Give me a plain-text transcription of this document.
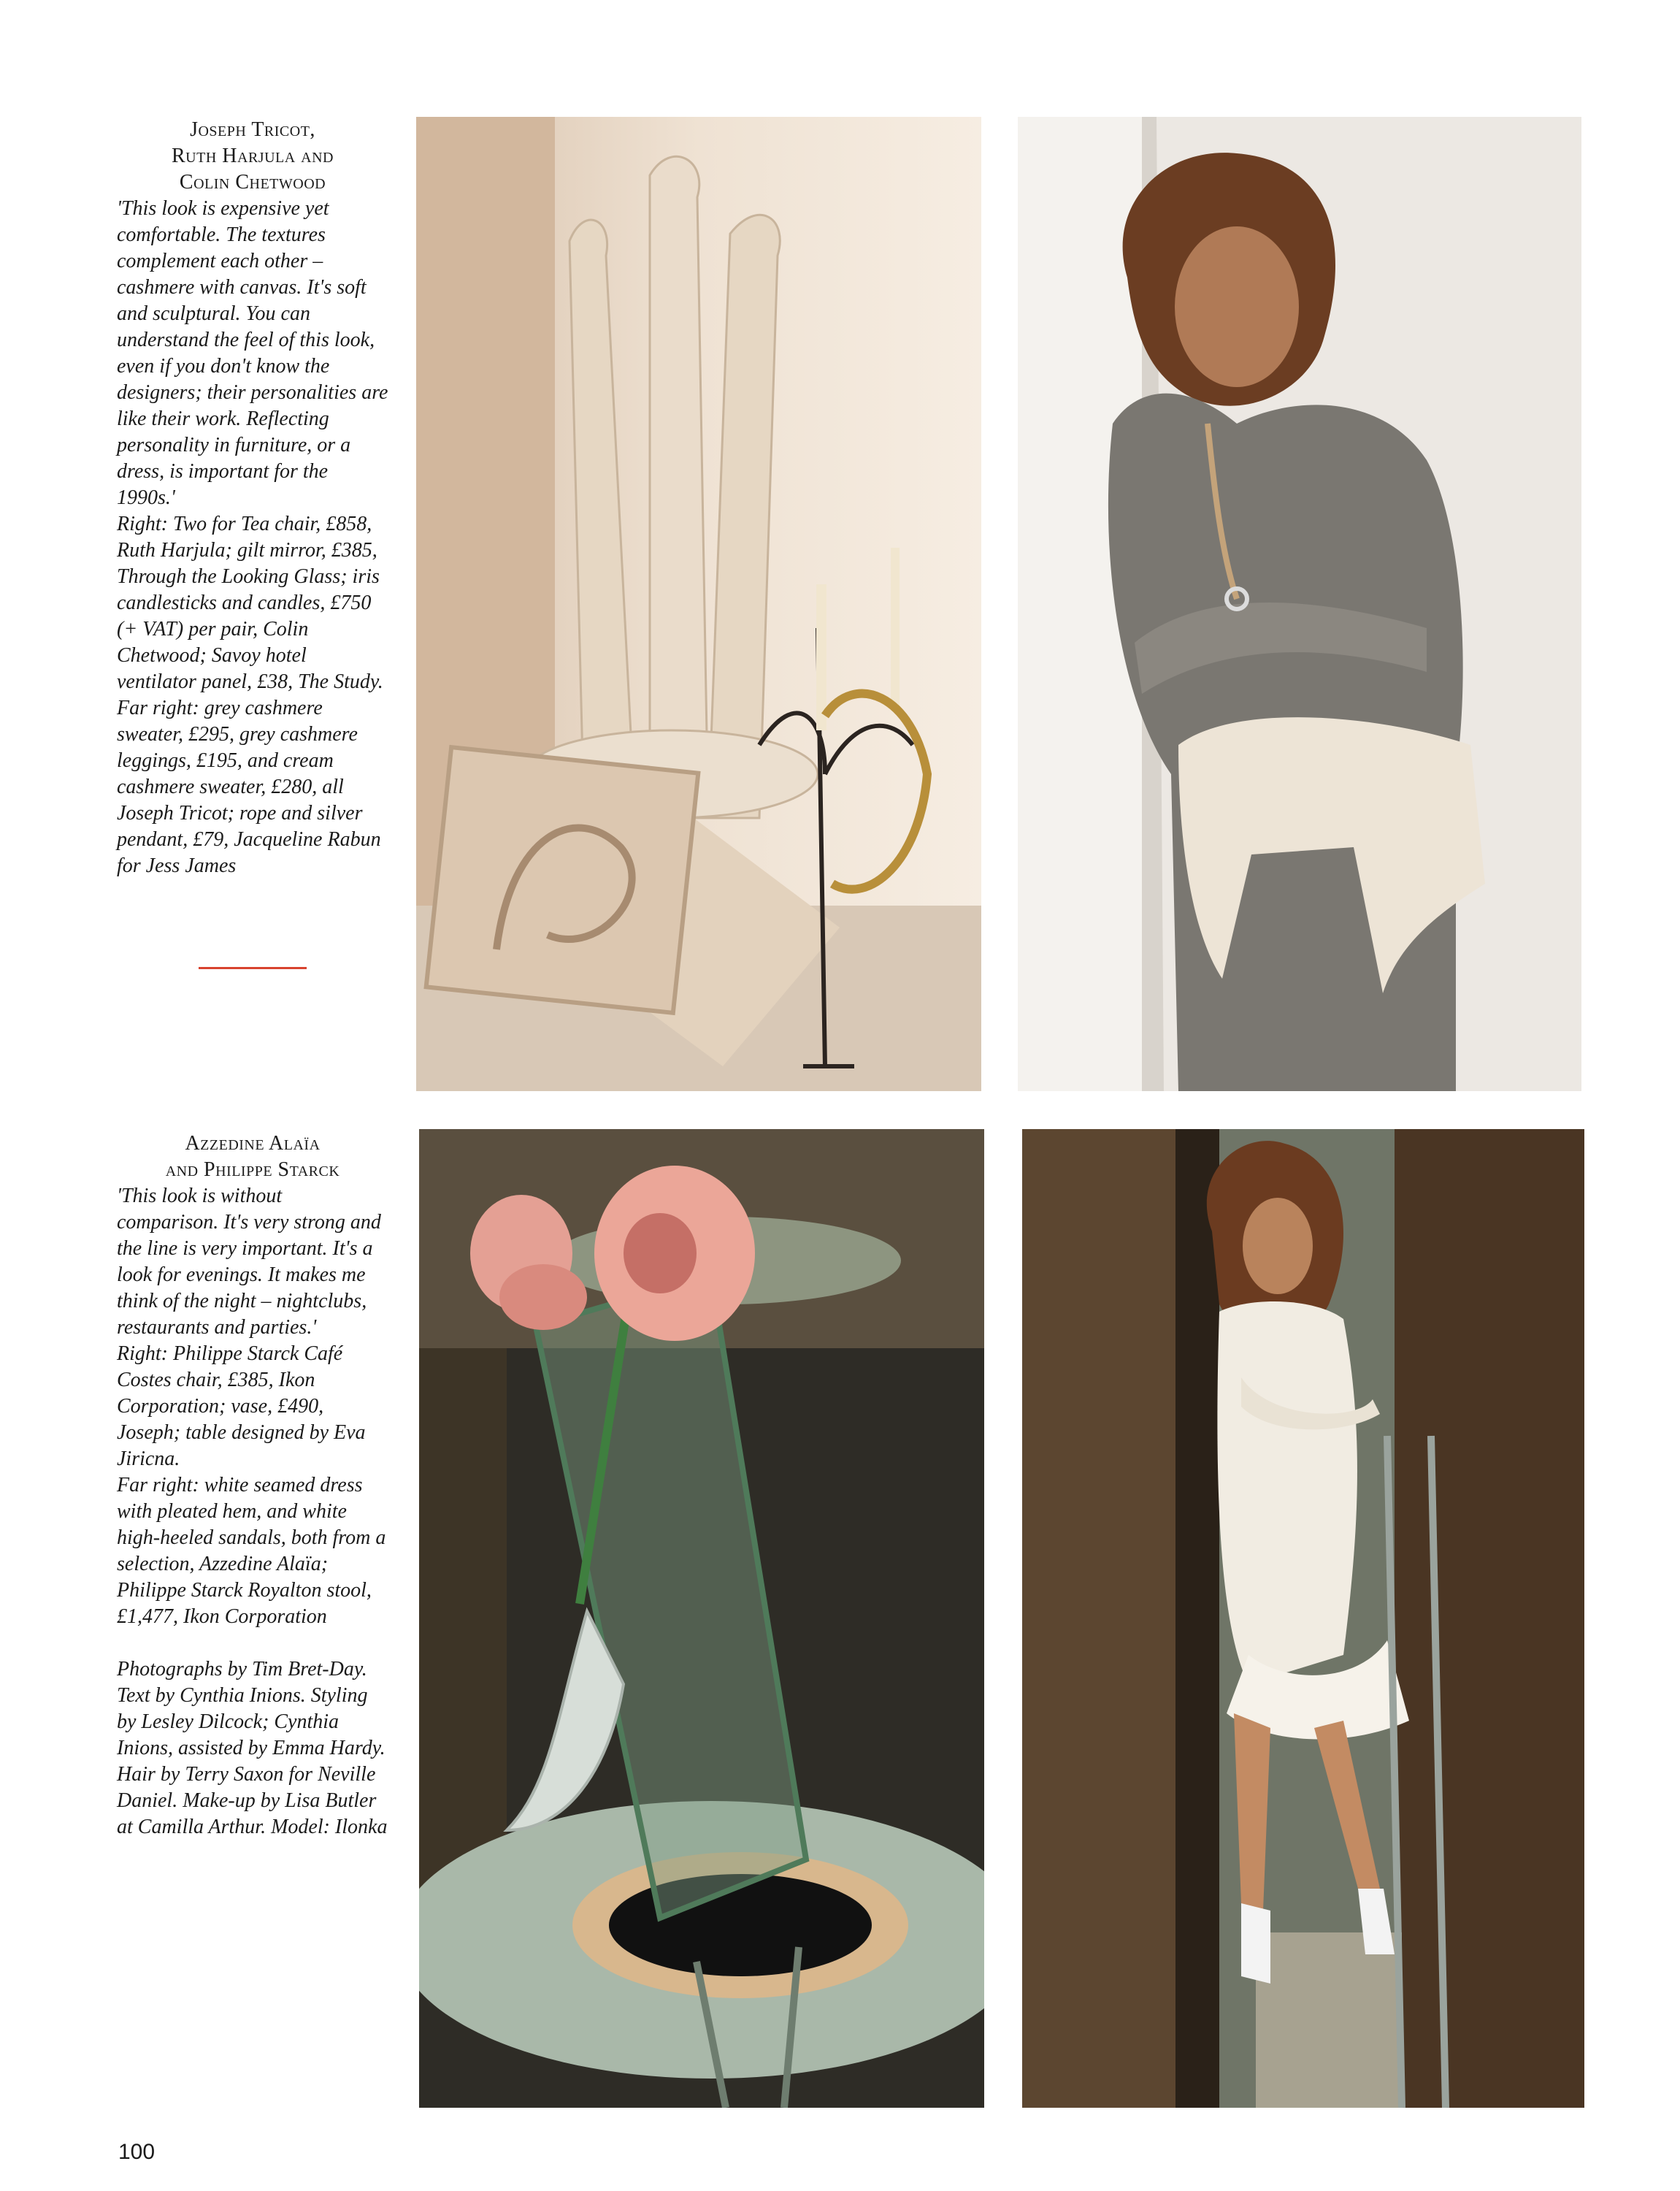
Joseph Tricot,
Ruth Harjula and
Colin Chetwood

'This look is expensive yet comfortable. The textures complement each other – cashmere with canvas. It's soft and sculptural. You can understand the feel of this look, even if you don't know the designers; their personalities are like their work. Reflecting personality in furniture, or a dress, is important for the 1990s.'

Right: Two for Tea chair, £858, Ruth Harjula; gilt mirror, £385, Through the Looking Glass; iris candlesticks and candles, £750 (+ VAT) per pair, Colin Chetwood; Savoy hotel ventilator panel, £38, The Study.

Far right: grey cashmere sweater, £295, grey cashmere leggings, £195, and cream cashmere sweater, £280, all Joseph Tricot; rope and silver pendant, £79, Jacqueline Rabun for Jess James

Azzedine Alaïa
and Philippe Starck

'This look is without comparison. It's very strong and the line is very important. It's a look for evenings. It makes me think of the night – nightclubs, restaurants and parties.'

Right: Philippe Starck Café Costes chair, £385, Ikon Corporation; vase, £490, Joseph; table designed by Eva Jiricna.

Far right: white seamed dress with pleated hem, and white high-heeled sandals, both from a selection, Azzedine Alaïa; Philippe Starck Royalton stool, £1,477, Ikon Corporation

Photographs by Tim Bret-Day. Text by Cynthia Inions. Styling by Lesley Dilcock; Cynthia Inions, assisted by Emma Hardy. Hair by Terry Saxon for Neville Daniel. Make-up by Lisa Butler at Camilla Arthur. Model: Ilonka

100
